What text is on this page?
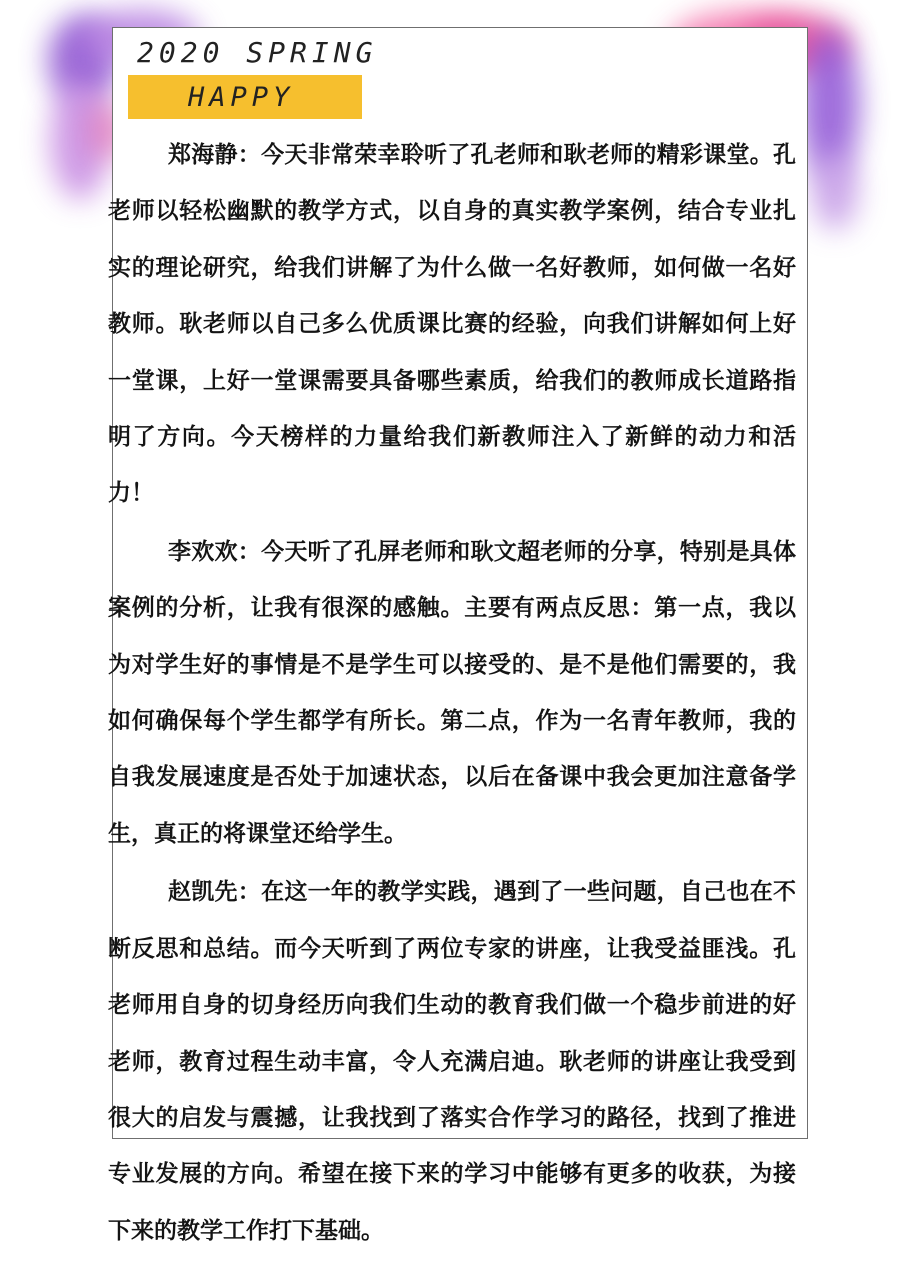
2020 SPRING
HAPPY

郑海静：今天非常荣幸聆听了孔老师和耿老师的精彩课堂。孔老师以轻松幽默的教学方式，以自身的真实教学案例，结合专业扎实的理论研究，给我们讲解了为什么做一名好教师，如何做一名好教师。耿老师以自己多么优质课比赛的经验，向我们讲解如何上好一堂课，上好一堂课需要具备哪些素质，给我们的教师成长道路指明了方向。今天榜样的力量给我们新教师注入了新鲜的动力和活力！

李欢欢：今天听了孔屏老师和耿文超老师的分享，特别是具体案例的分析，让我有很深的感触。主要有两点反思：第一点，我以为对学生好的事情是不是学生可以接受的、是不是他们需要的，我如何确保每个学生都学有所长。第二点，作为一名青年教师，我的自我发展速度是否处于加速状态，以后在备课中我会更加注意备学生，真正的将课堂还给学生。

赵凯先：在这一年的教学实践，遇到了一些问题，自己也在不断反思和总结。而今天听到了两位专家的讲座，让我受益匪浅。孔老师用自身的切身经历向我们生动的教育我们做一个稳步前进的好老师，教育过程生动丰富，令人充满启迪。耿老师的讲座让我受到很大的启发与震撼，让我找到了落实合作学习的路径，找到了推进专业发展的方向。希望在接下来的学习中能够有更多的收获，为接下来的教学工作打下基础。
